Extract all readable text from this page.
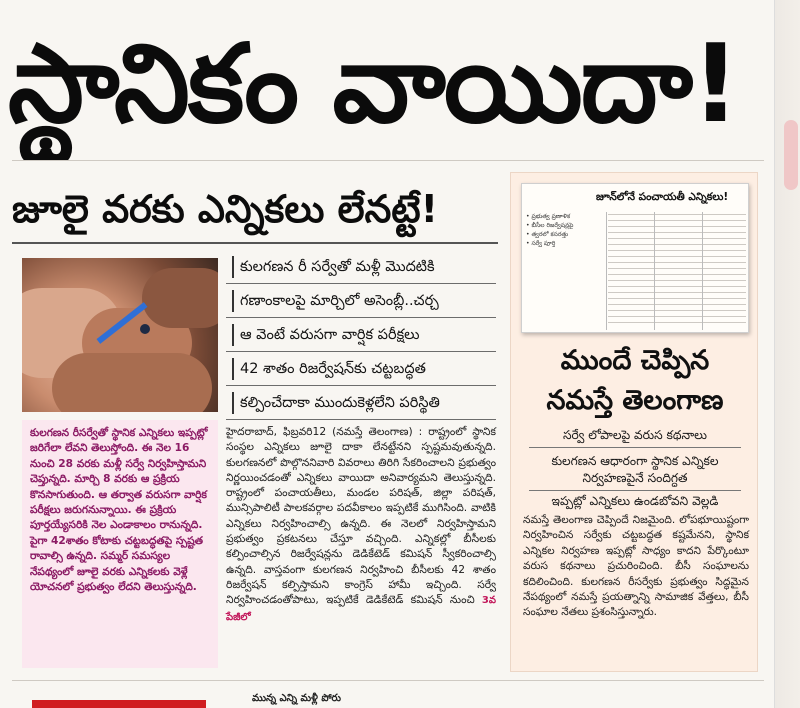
స్థానికం వాయిదా!
జూలై వరకు ఎన్నికలు లేనట్టే!
కులగణన రీ సర్వేతో మళ్లీ మొదటికి
గణాంకాలపై మార్చిలో అసెంబ్లీ..చర్చ
ఆ వెంటే వరుసగా వార్షిక పరీక్షలు
42 శాతం రిజర్వేషన్‌కు చట్టబద్ధత
కల్పించేదాకా ముందుకెళ్లలేని పరిస్థితి

కులగణన రీసర్వేతో స్థానిక ఎన్నికలు ఇప్పట్లో జరిగేలా లేవని తెలుస్తోంది. ఈ నెల 16 నుంచి 28 వరకు మళ్లీ సర్వే నిర్వహిస్తామని చెప్తున్నది. మార్చి 8 వరకు ఆ ప్రక్రియ కొనసాగుతుంది. ఆ తర్వాత వరుసగా వార్షిక పరీక్షలు జరుగనున్నాయి. ఈ ప్రక్రియ పూర్తయ్యేసరికి నెల ఎండాకాలం రానున్నది. పైగా 42శాతం కోటాకు చట్టబద్ధతపై స్పష్టత రావాల్సి ఉన్నది. సమ్మర్ సమస్యల నేపథ్యంలో జూలై వరకు ఎన్నికలకు వెళ్లే యోచనలో ప్రభుత్వం లేదని తెలుస్తున్నది.

హైదరాబాద్, ఫిబ్రవరి12 (నమస్తే తెలంగాణ) : రాష్ట్రంలో స్థానిక సంస్థల ఎన్నికలు జూలై దాకా లేనట్టేనని స్పష్టమవుతున్నది. కులగణనలో పొల్గొననివారి వివరాలు తిరిగి సేకరించాలని ప్రభుత్వం నిర్ణయించడంతో ఎన్నికలు వాయిదా అనివార్యమని తెలుస్తున్నది. రాష్ట్రంలో పంచాయతీలు, మండల పరిషత్, జిల్లా పరిషత్, మున్సిపాలిటీ పాలకవర్గాల పదవీకాలం ఇప్పటికే ముగిసింది. వాటికి ఎన్నికలు నిర్వహించాల్సి ఉన్నది. ఈ నెలలో నిర్వహిస్తామని ప్రభుత్వం ప్రకటనలు చేస్తూ వచ్చింది. ఎన్నికల్లో బీసీలకు కల్పించాల్సిన రిజర్వేషన్లను డెడికేటెడ్ కమిషన్ స్వీకరించాల్సి ఉన్నది. వాస్తవంగా కులగణన నిర్వహించి బీసీలకు 42 శాతం రిజర్వేషన్ కల్పిస్తామని కాంగ్రెస్ హామీ ఇచ్చింది. సర్వే నిర్వహించడంతోపాటు, ఇప్పటికే డెడికేటెడ్ కమిషన్ నుంచి 3వ పేజీలో

జూన్‌లోనే పంచాయతీ ఎన్నికలు!
• ప్రభుత్వ ప్రణాళిక
• బీసీల రిజర్వేషన్లపై
• త్వరలో కసరత్తు
• సర్వే పూర్తి
ముందే చెప్పిన నమస్తే తెలంగాణ
సర్వే లోపాలపై వరుస కథనాలు
కులగణన ఆధారంగా స్థానిక ఎన్నికల
నిర్వహణపైనే సందిగ్ధత
ఇప్పట్లో ఎన్నికలు ఉండబోవని వెల్లడి

నమస్తే తెలంగాణ చెప్పిందే నిజమైంది. లోపభూయిష్టంగా నిర్వహించిన సర్వేకు చట్టబద్ధత కష్టమేనని, స్థానిక ఎన్నికల నిర్వహణ ఇప్పట్లో సాధ్యం కాదని పేర్కొంటూ వరుస కథనాలు ప్రచురించింది. బీసీ సంఘాలను కదిలించింది. కులగణన రీసర్వేకు ప్రభుత్వం సిద్ధమైన నేపథ్యంలో నమస్తే ప్రయత్నాన్ని సామాజిక వేత్తలు, బీసీ సంఘాల నేతలు ప్రశంసిస్తున్నారు.

మున్న ఎన్ని మళ్లీ పోరు
